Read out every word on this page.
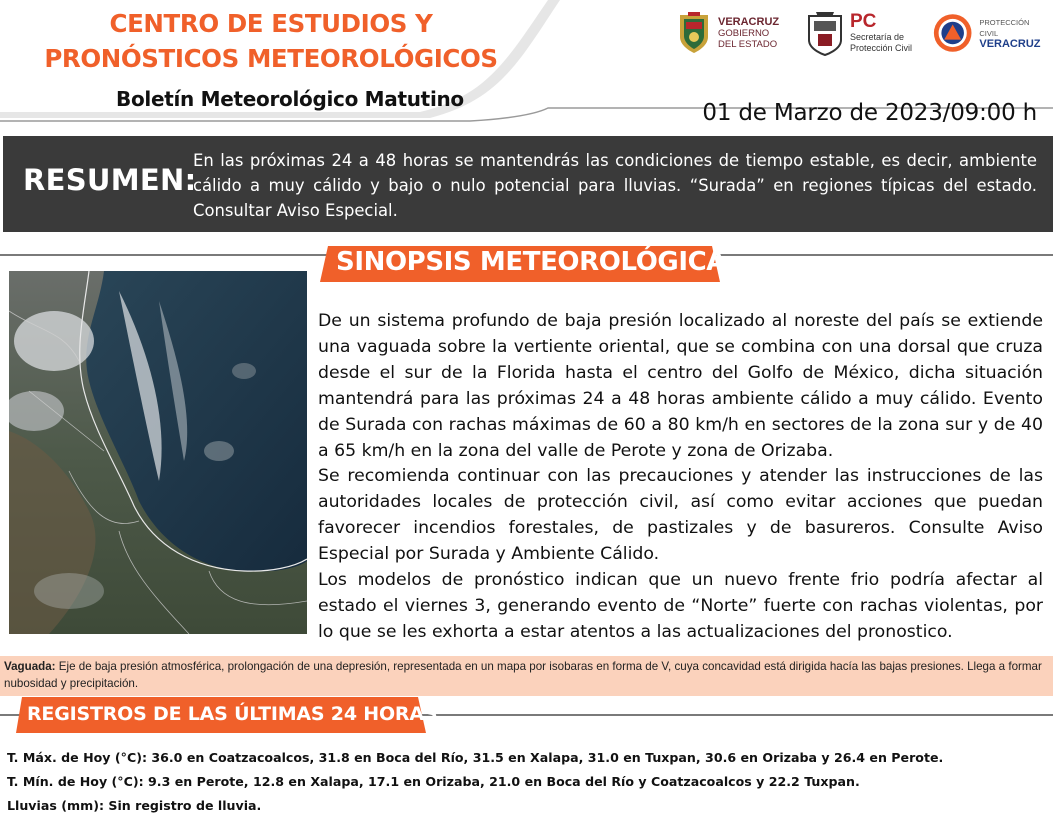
CENTRO DE ESTUDIOS Y
PRONÓSTICOS METEOROLÓGICOS
Boletín Meteorológico Matutino
01 de Marzo de 2023/09:00 h
VERACRUZ
GOBIERNO
DEL ESTADO
PC
Secretaría de
Protección Civil
PROTECCIÓN CIVIL
VERACRUZ
RESUMEN:
En las próximas 24 a 48 horas se mantendrás las condiciones de tiempo estable, es decir, ambiente cálido a muy cálido y bajo o nulo potencial para lluvias. “Surada” en regiones típicas del estado. Consultar Aviso Especial.
SINOPSIS METEOROLÓGICA

De un sistema profundo de baja presión localizado al noreste del país se extiende una vaguada sobre la vertiente oriental, que se combina con una dorsal que cruza desde el sur de la Florida hasta el centro del Golfo de México, dicha situación mantendrá para las próximas 24 a 48 horas ambiente cálido a muy cálido. Evento de Surada con rachas máximas de 60 a 80 km/h en sectores de la zona sur y de 40 a 65 km/h en la zona del valle de Perote y zona de Orizaba.

Se recomienda continuar con las precauciones y atender las instrucciones de las autoridades locales de protección civil, así como evitar acciones que puedan favorecer incendios forestales, de pastizales y de basureros. Consulte Aviso Especial por Surada y Ambiente Cálido.

Los modelos de pronóstico indican que un nuevo frente frio podría afectar al estado el viernes 3, generando evento de “Norte” fuerte con rachas violentas, por lo que se les exhorta a estar atentos a las actualizaciones del pronostico.

Vaguada: Eje de baja presión atmosférica, prolongación de una depresión, representada en un mapa por isobaras en forma de V, cuya concavidad está dirigida hacía las bajas presiones. Llega a formar nubosidad y precipitación.
REGISTROS DE LAS ÚLTIMAS 24 HORAS
T. Máx. de Hoy (°C): 36.0 en Coatzacoalcos, 31.8 en Boca del Río, 31.5 en Xalapa, 31.0 en Tuxpan, 30.6 en Orizaba y 26.4 en Perote.
T. Mín. de Hoy (°C): 9.3 en Perote, 12.8 en Xalapa, 17.1 en Orizaba, 21.0 en Boca del Río y Coatzacoalcos y 22.2 Tuxpan.
Lluvias (mm): Sin registro de lluvia.
